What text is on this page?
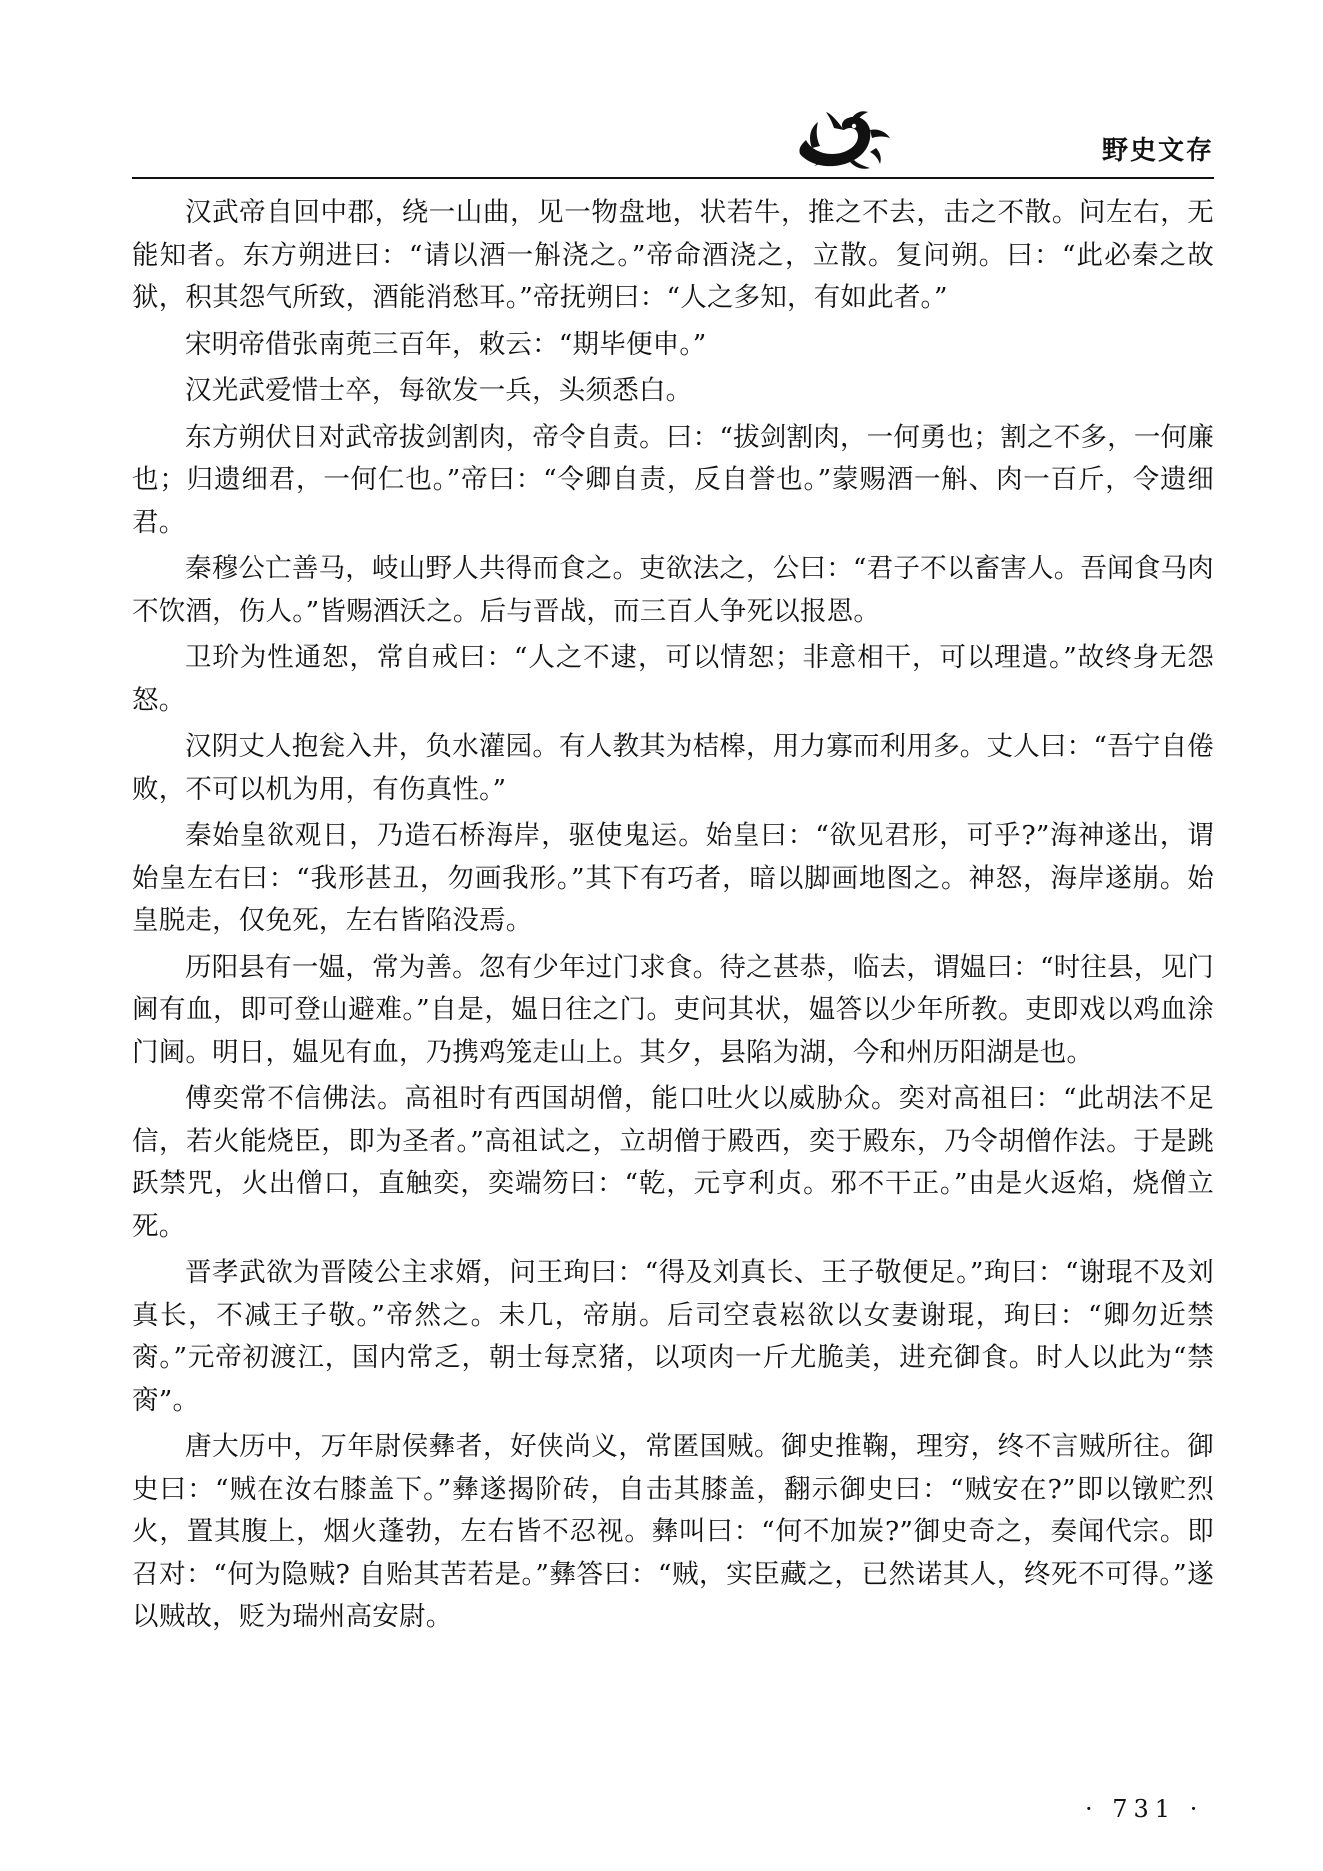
野史文存

汉武帝自回中郡，绕一山曲，见一物盘地，状若牛，推之不去，击之不散。问左右，无能知者。东方朔进曰：“请以酒一斛浇之。”帝命酒浇之，立散。复问朔。曰：“此必秦之故狱，积其怨气所致，酒能消愁耳。”帝抚朔曰：“人之多知，有如此者。”

宋明帝借张南蔸三百年，敕云：“期毕便申。”

汉光武爱惜士卒，每欲发一兵，头须悉白。

东方朔伏日对武帝拔剑割肉，帝令自责。曰：“拔剑割肉，一何勇也；割之不多，一何廉也；归遗细君，一何仁也。”帝曰：“令卿自责，反自誉也。”蒙赐酒一斛、肉一百斤，令遗细君。

秦穆公亡善马，岐山野人共得而食之。吏欲法之，公曰：“君子不以畜害人。吾闻食马肉不饮酒，伤人。”皆赐酒沃之。后与晋战，而三百人争死以报恩。

卫玠为性通恕，常自戒曰：“人之不逮，可以情恕；非意相干，可以理遣。”故终身无怨怒。

汉阴丈人抱瓮入井，负水灌园。有人教其为桔槔，用力寡而利用多。丈人曰：“吾宁自倦败，不可以机为用，有伤真性。”

秦始皇欲观日，乃造石桥海岸，驱使鬼运。始皇曰：“欲见君形，可乎?”海神遂出，谓始皇左右曰：“我形甚丑，勿画我形。”其下有巧者，暗以脚画地图之。神怒，海岸遂崩。始皇脱走，仅免死，左右皆陷没焉。

历阳县有一媪，常为善。忽有少年过门求食。待之甚恭，临去，谓媪曰：“时往县，见门阃有血，即可登山避难。”自是，媪日往之门。吏问其状，媪答以少年所教。吏即戏以鸡血涂门阃。明日，媪见有血，乃携鸡笼走山上。其夕，县陷为湖，今和州历阳湖是也。

傅奕常不信佛法。高祖时有西国胡僧，能口吐火以威胁众。奕对高祖曰：“此胡法不足信，若火能烧臣，即为圣者。”高祖试之，立胡僧于殿西，奕于殿东，乃令胡僧作法。于是跳跃禁咒，火出僧口，直触奕，奕端笏曰：“乾，元亨利贞。邪不干正。”由是火返焰，烧僧立死。

晋孝武欲为晋陵公主求婿，问王珣曰：“得及刘真长、王子敬便足。”珣曰：“谢琨不及刘真长，不减王子敬。”帝然之。未几，帝崩。后司空袁崧欲以女妻谢琨，珣曰：“卿勿近禁脔。”元帝初渡江，国内常乏，朝士每烹猪，以项肉一斤尤脆美，进充御食。时人以此为“禁脔”。

唐大历中，万年尉侯彝者，好侠尚义，常匿国贼。御史推鞠，理穷，终不言贼所往。御史曰：“贼在汝右膝盖下。”彝遂揭阶砖，自击其膝盖，翻示御史曰：“贼安在?”即以镦贮烈火，置其腹上，烟火蓬勃，左右皆不忍视。彝叫曰：“何不加炭?”御史奇之，奏闻代宗。即召对：“何为隐贼? 自贻其苦若是。”彝答曰：“贼，实臣藏之，已然诺其人，终死不可得。”遂以贼故，贬为瑞州高安尉。

· 731 ·
